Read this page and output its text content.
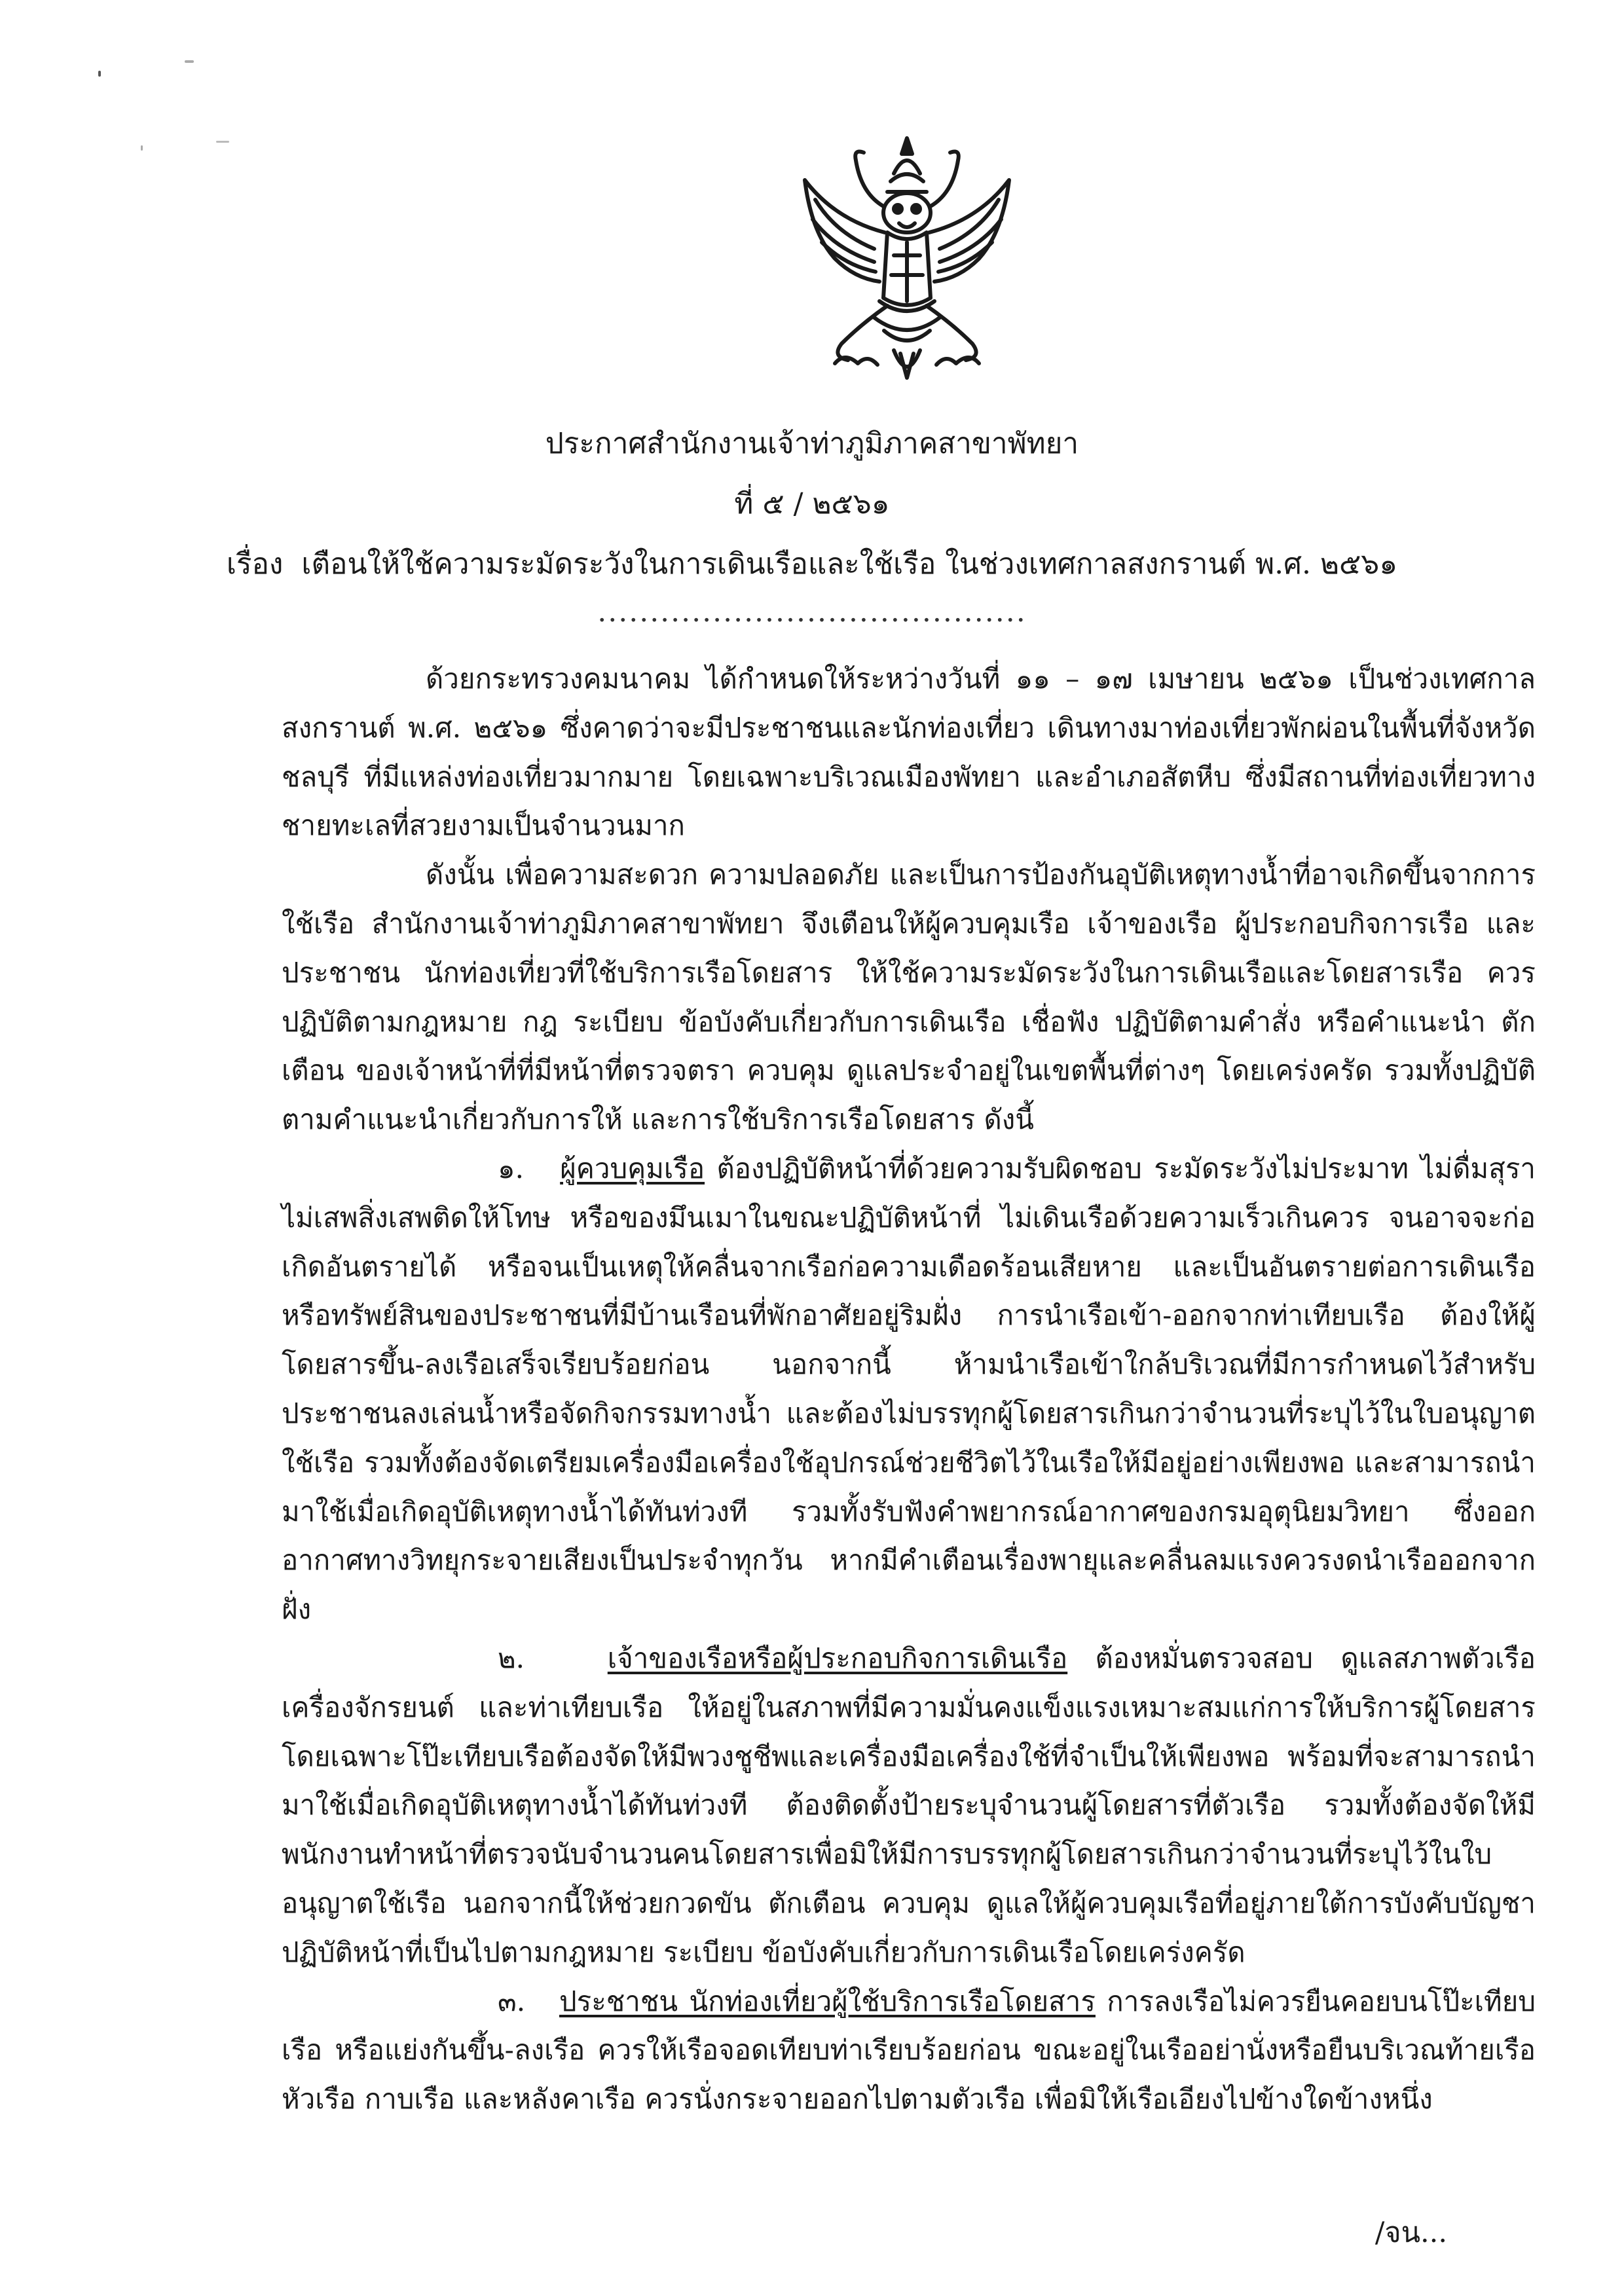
ประกาศสำนักงานเจ้าท่าภูมิภาคสาขาพัทยา
ที่ ๕ / ๒๕๖๑
เรื่อง เตือนให้ใช้ความระมัดระวังในการเดินเรือและใช้เรือ ในช่วงเทศกาลสงกรานต์ พ.ศ. ๒๕๖๑
.........................................

ด้วยกระทรวงคมนาคม ได้กำหนดให้ระหว่างวันที่ ๑๑ – ๑๗ เมษายน ๒๕๖๑ เป็นช่วงเทศกาลสงกรานต์ พ.ศ. ๒๕๖๑ ซึ่งคาดว่าจะมีประชาชนและนักท่องเที่ยว เดินทางมาท่องเที่ยวพักผ่อนในพื้นที่จังหวัดชลบุรี ที่มีแหล่งท่องเที่ยวมากมาย โดยเฉพาะบริเวณเมืองพัทยา และอำเภอสัตหีบ ซึ่งมีสถานที่ท่องเที่ยวทางชายทะเลที่สวยงามเป็นจำนวนมาก

ดังนั้น เพื่อความสะดวก ความปลอดภัย และเป็นการป้องกันอุบัติเหตุทางน้ำที่อาจเกิดขึ้นจากการใช้เรือ สำนักงานเจ้าท่าภูมิภาคสาขาพัทยา จึงเตือนให้ผู้ควบคุมเรือ เจ้าของเรือ ผู้ประกอบกิจการเรือ และประชาชน นักท่องเที่ยวที่ใช้บริการเรือโดยสาร ให้ใช้ความระมัดระวังในการเดินเรือและโดยสารเรือ ควรปฏิบัติตามกฎหมาย กฎ ระเบียบ ข้อบังคับเกี่ยวกับการเดินเรือ เชื่อฟัง ปฏิบัติตามคำสั่ง หรือคำแนะนำ ตักเตือน ของเจ้าหน้าที่ที่มีหน้าที่ตรวจตรา ควบคุม ดูแลประจำอยู่ในเขตพื้นที่ต่างๆ โดยเคร่งครัด รวมทั้งปฏิบัติตามคำแนะนำเกี่ยวกับการให้ และการใช้บริการเรือโดยสาร ดังนี้

๑. ผู้ควบคุมเรือ ต้องปฏิบัติหน้าที่ด้วยความรับผิดชอบ ระมัดระวังไม่ประมาท ไม่ดื่มสุรา ไม่เสพสิ่งเสพติดให้โทษ หรือของมึนเมาในขณะปฏิบัติหน้าที่ ไม่เดินเรือด้วยความเร็วเกินควร จนอาจจะก่อเกิดอันตรายได้ หรือจนเป็นเหตุให้คลื่นจากเรือก่อความเดือดร้อนเสียหาย และเป็นอันตรายต่อการเดินเรือ หรือทรัพย์สินของประชาชนที่มีบ้านเรือนที่พักอาศัยอยู่ริมฝั่ง การนำเรือเข้า-ออกจากท่าเทียบเรือ ต้องให้ผู้โดยสารขึ้น-ลงเรือเสร็จเรียบร้อยก่อน นอกจากนี้ ห้ามนำเรือเข้าใกล้บริเวณที่มีการกำหนดไว้สำหรับประชาชนลงเล่นน้ำหรือจัดกิจกรรมทางน้ำ และต้องไม่บรรทุกผู้โดยสารเกินกว่าจำนวนที่ระบุไว้ในใบอนุญาตใช้เรือ รวมทั้งต้องจัดเตรียมเครื่องมือเครื่องใช้อุปกรณ์ช่วยชีวิตไว้ในเรือให้มีอยู่อย่างเพียงพอ และสามารถนำมาใช้เมื่อเกิดอุบัติเหตุทางน้ำได้ทันท่วงที รวมทั้งรับฟังคำพยากรณ์อากาศของกรมอุตุนิยมวิทยา ซึ่งออกอากาศทางวิทยุกระจายเสียงเป็นประจำทุกวัน หากมีคำเตือนเรื่องพายุและคลื่นลมแรงควรงดนำเรือออกจากฝั่ง

๒.	เจ้าของเรือหรือผู้ประกอบกิจการเดินเรือ ต้องหมั่นตรวจสอบ ดูแลสภาพตัวเรือ เครื่องจักรยนต์ และท่าเทียบเรือ ให้อยู่ในสภาพที่มีความมั่นคงแข็งแรงเหมาะสมแก่การให้บริการผู้โดยสาร โดยเฉพาะโป๊ะเทียบเรือต้องจัดให้มีพวงชูชีพและเครื่องมือเครื่องใช้ที่จำเป็นให้เพียงพอ พร้อมที่จะสามารถนำมาใช้เมื่อเกิดอุบัติเหตุทางน้ำได้ทันท่วงที ต้องติดตั้งป้ายระบุจำนวนผู้โดยสารที่ตัวเรือ รวมทั้งต้องจัดให้มีพนักงานทำหน้าที่ตรวจนับจำนวนคนโดยสารเพื่อมิให้มีการบรรทุกผู้โดยสารเกินกว่าจำนวนที่ระบุไว้ในใบอนุญาตใช้เรือ นอกจากนี้ให้ช่วยกวดขัน ตักเตือน ควบคุม ดูแลให้ผู้ควบคุมเรือที่อยู่ภายใต้การบังคับบัญชาปฏิบัติหน้าที่เป็นไปตามกฎหมาย ระเบียบ ข้อบังคับเกี่ยวกับการเดินเรือโดยเคร่งครัด

๓. ประชาชน นักท่องเที่ยวผู้ใช้บริการเรือโดยสาร การลงเรือไม่ควรยืนคอยบนโป๊ะเทียบเรือ หรือแย่งกันขึ้น-ลงเรือ ควรให้เรือจอดเทียบท่าเรียบร้อยก่อน ขณะอยู่ในเรืออย่านั่งหรือยืนบริเวณท้ายเรือ หัวเรือ กาบเรือ และหลังคาเรือ ควรนั่งกระจายออกไปตามตัวเรือ เพื่อมิให้เรือเอียงไปข้างใดข้างหนึ่ง

/จน...
